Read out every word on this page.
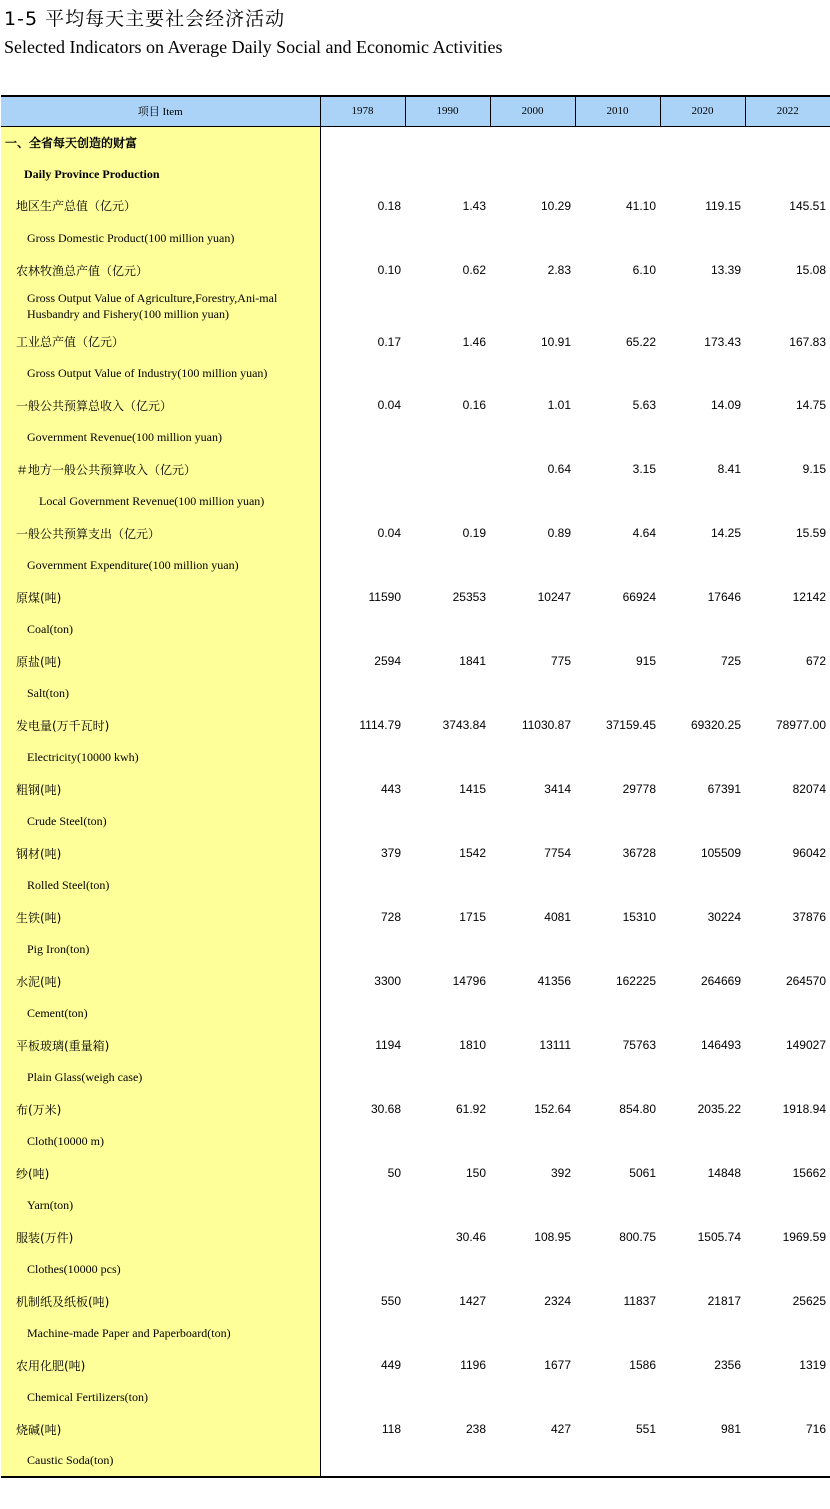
1-5 平均每天主要社会经济活动
Selected Indicators on Average Daily Social and Economic Activities
项目 Item	1978	1990	2000	2010	2020	2022
一、全省每天创造的财富						
Daily Province Production						
地区生产总值（亿元）	0.18	1.43	10.29	41.10	119.15	145.51
Gross Domestic Product(100 million yuan)						
农林牧渔总产值（亿元）	0.10	0.62	2.83	6.10	13.39	15.08

Gross Output Value of Agriculture,Forestry,Ani-mal Husbandry and Fishery(100 million yuan)						

工业总产值（亿元）	0.17	1.46	10.91	65.22	173.43	167.83
Gross Output Value of Industry(100 million yuan)						
一般公共预算总收入（亿元）	0.04	0.16	1.01	5.63	14.09	14.75
Government Revenue(100 million yuan)						
＃地方一般公共预算收入（亿元）			0.64	3.15	8.41	9.15
Local Government Revenue(100 million yuan)						
一般公共预算支出（亿元）	0.04	0.19	0.89	4.64	14.25	15.59
Government Expenditure(100 million yuan)						
原煤(吨)	11590	25353	10247	66924	17646	12142
Coal(ton)						
原盐(吨)	2594	1841	775	915	725	672
Salt(ton)						
发电量(万千瓦时)	1114.79	3743.84	11030.87	37159.45	69320.25	78977.00
Electricity(10000 kwh)						
粗钢(吨)	443	1415	3414	29778	67391	82074
Crude Steel(ton)						
钢材(吨)	379	1542	7754	36728	105509	96042
Rolled Steel(ton)						
生铁(吨)	728	1715	4081	15310	30224	37876
Pig Iron(ton)						
水泥(吨)	3300	14796	41356	162225	264669	264570
Cement(ton)						
平板玻璃(重量箱)	1194	1810	13111	75763	146493	149027
Plain Glass(weigh case)						
布(万米)	30.68	61.92	152.64	854.80	2035.22	1918.94
Cloth(10000 m)						
纱(吨)	50	150	392	5061	14848	15662
Yarn(ton)						
服装(万件)		30.46	108.95	800.75	1505.74	1969.59
Clothes(10000 pcs)						
机制纸及纸板(吨)	550	1427	2324	11837	21817	25625
Machine-made Paper and Paperboard(ton)						
农用化肥(吨)	449	1196	1677	1586	2356	1319
Chemical Fertilizers(ton)						
烧碱(吨)	118	238	427	551	981	716
Caustic Soda(ton)						
